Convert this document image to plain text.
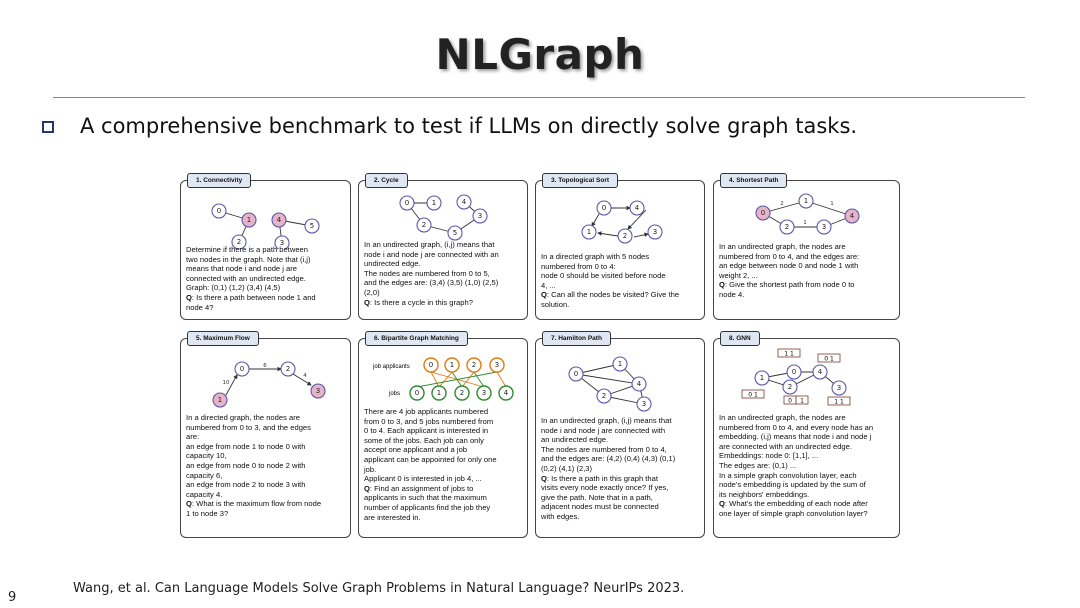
NLGraph
A comprehensive benchmark to test if LLMs on directly solve graph tasks.
1. Connectivity
0
1
2
4
3
5
Determine if there is a path between
two nodes in the graph. Note that (i,j)
means that node i and node j are
connected with an undirected edge.
Graph: (0,1) (1,2) (3,4) (4,5)
Q: Is there a path between node 1 and
node 4?
2. Cycle
0	1
2
5
3
4
In an undirected graph, (i,j) means that
node i and node j are connected with an
undirected edge.
The nodes are numbered from 0 to 5,
and the edges are: (3,4) (3,5) (1,0) (2,5)
(2,0)
Q: Is there a cycle in this graph?
3. Topological Sort
0	4
1	2	3
In a directed graph with 5 nodes
numbered from 0 to 4:
node 0 should be visited before node
4, ...
Q: Can all the nodes be visited? Give the
solution.
4. Shortest Path
2	1
1
0
1
2	3
4
In an undirected graph, the nodes are
numbered from 0 to 4, and the edges are:
an edge between node 0 and node 1 with
weight 2, ...
Q: Give the shortest path from node 0 to
node 4.
5. Maximum Flow
10
6
4
0
1
2
3
In a directed graph, the nodes are
numbered from 0 to 3, and the edges
are:
an edge from node 1 to node 0 with
capacity 10,
an edge from node 0 to node 2 with
capacity 6,
an edge from node 2 to node 3 with
capacity 4.
Q: What is the maximum flow from node
1 to node 3?
6. Bipartite Graph Matching
job applicants
jobs
0 1	2	3
0	1	2	3	4
There are 4 job applicants numbered
from 0 to 3, and 5 jobs numbered from
0 to 4. Each applicant is interested in
some of the jobs. Each job can only
accept one applicant and a job
applicant can be appointed for only one
job.
Applicant 0 is interested in job 4, ...
Q: Find an assignment of jobs to
applicants in such that the maximum
number of applicants find the job they
are interested in.
7. Hamilton Path
0
1
4
2
3
In an undirected graph, (i,j) means that
node i and node j are connected with
an undirected edge.
The nodes are numbered from 0 to 4,
and the edges are: (4,2) (0,4) (4,3) (0,1)
(0,2) (4,1) (2,3)
Q: Is there a path in this graph that
visits every node exactly once? If yes,
give the path. Note that in a path,
adjacent nodes must be connected
with edges.
8. GNN
1 1
0 1
0 1
0 1	1 1
1
0
2
4
3
In an undirected graph, the nodes are
numbered from 0 to 4, and every node has an
embedding. (i,j) means that node i and node j
are connected with an undirected edge.
Embeddings: node 0: [1,1], ...
The edges are: (0,1) ...
In a simple graph convolution layer, each
node's embedding is updated by the sum of
its neighbors' embeddings.
Q: What's the embedding of each node after
one layer of simple graph convolution layer?
Wang, et al. Can Language Models Solve Graph Problems in Natural Language? NeurIPs 2023.
9
